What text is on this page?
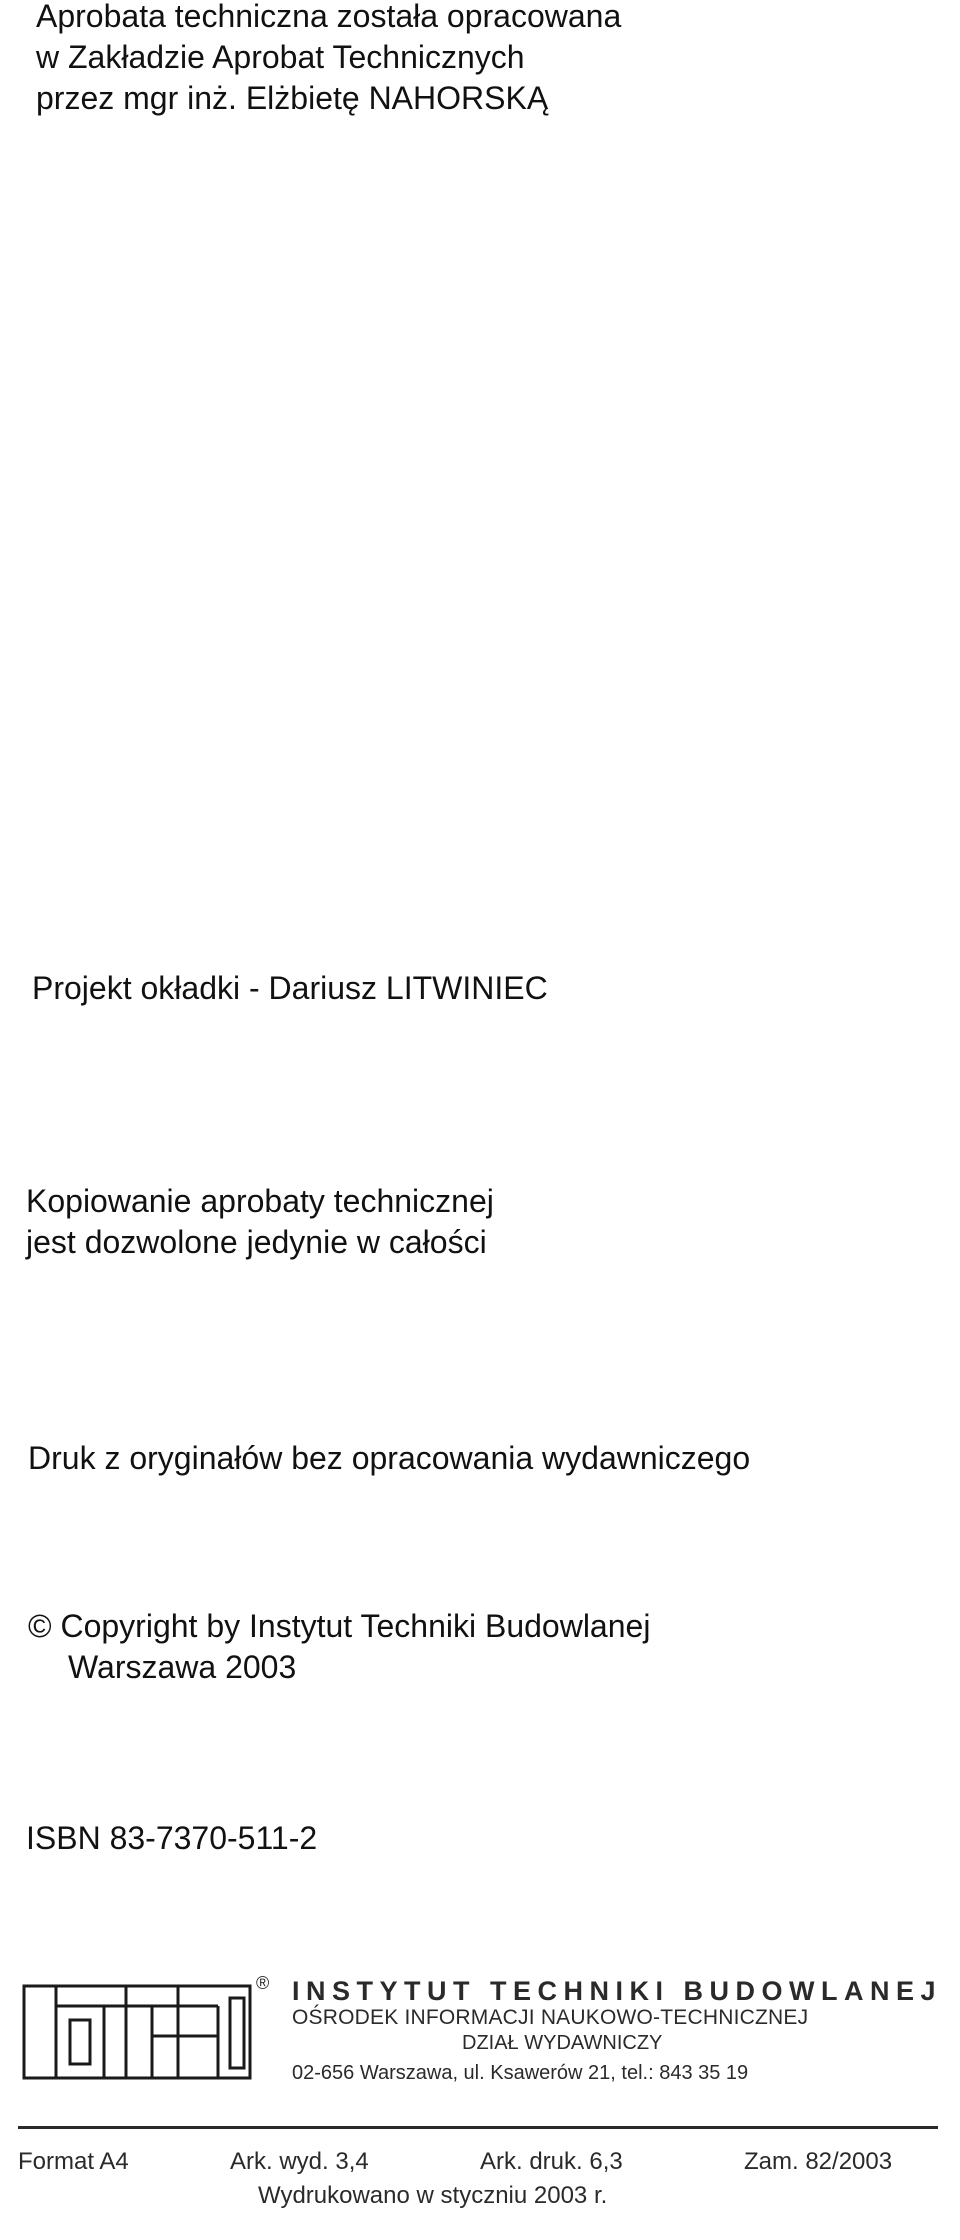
Aprobata techniczna została opracowana
w Zakładzie Aprobat Technicznych
przez mgr inż. Elżbietę NAHORSKĄ
Projekt okładki - Dariusz LITWINIEC
Kopiowanie aprobaty technicznej
jest dozwolone jedynie w całości
Druk z oryginałów bez opracowania wydawniczego
© Copyright by Instytut Techniki Budowlanej
Warszawa 2003
ISBN 83-7370-511-2
® INSTYTUT TECHNIKI BUDOWLANEJ
OŚRODEK INFORMACJI NAUKOWO-TECHNICZNEJ
DZIAŁ WYDAWNICZY
02-656 Warszawa, ul. Ksawerów 21, tel.: 843 35 19
Format A4	Ark. wyd. 3,4	Ark. druk. 6,3	Zam. 82/2003
Wydrukowano w styczniu 2003 r.
